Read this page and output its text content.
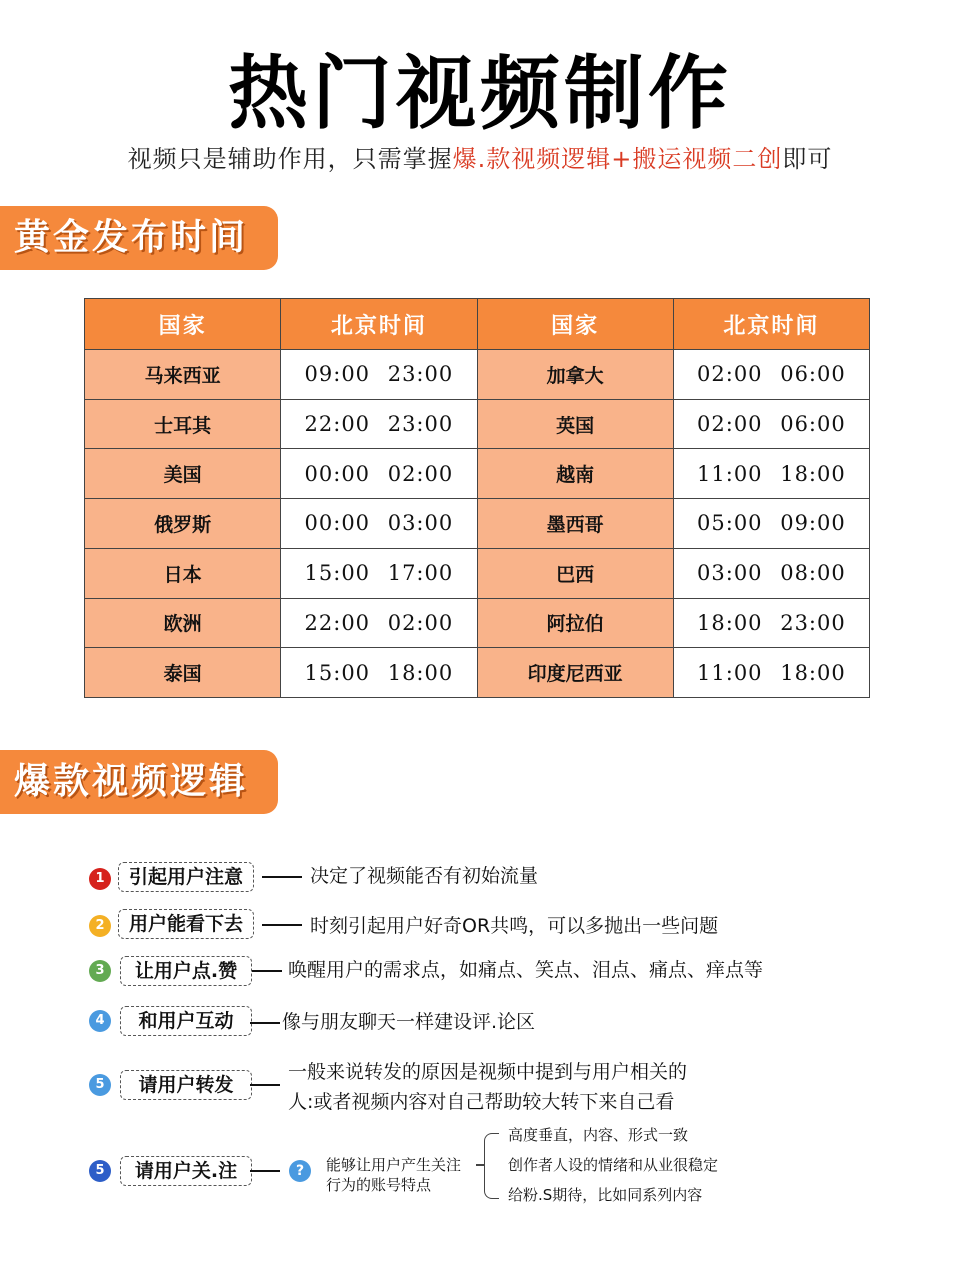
热门视频制作
视频只是辅助作用，只需掌握爆.款视频逻辑+搬运视频二创即可
黄金发布时间
国家	北京时间	国家	北京时间
马来西亚	09:00 23:00	加拿大	02:00 06:00
士耳其	22:00 23:00	英国	02:00 06:00
美国	00:00 02:00	越南	11:00 18:00
俄罗斯	00:00 03:00	墨西哥	05:00 09:00
日本	15:00 17:00	巴西	03:00 08:00
欧洲	22:00 02:00	阿拉伯	18:00 23:00
泰国	15:00 18:00	印度尼西亚	11:00 18:00
爆款视频逻辑
1	引起用户注意	决定了视频能否有初始流量
2	用户能看下去	时刻引起用户好奇OR共鸣，可以多抛出一些问题
3	让用户点.赞	唤醒用户的需求点，如痛点、笑点、泪点、痛点、痒点等
4	和用户互动	像与朋友聊天一样建设评.论区
5	请用户转发
一般来说转发的原因是视频中提到与用户相关的
人:或者视频内容对自己帮助较大转下来自己看
5	请用户关.注	?	能够让用户产生关注
行为的账号特点
高度垂直，内容、形式一致
创作者人设的情绪和从业很稳定
给粉.S期待，比如同系列内容
